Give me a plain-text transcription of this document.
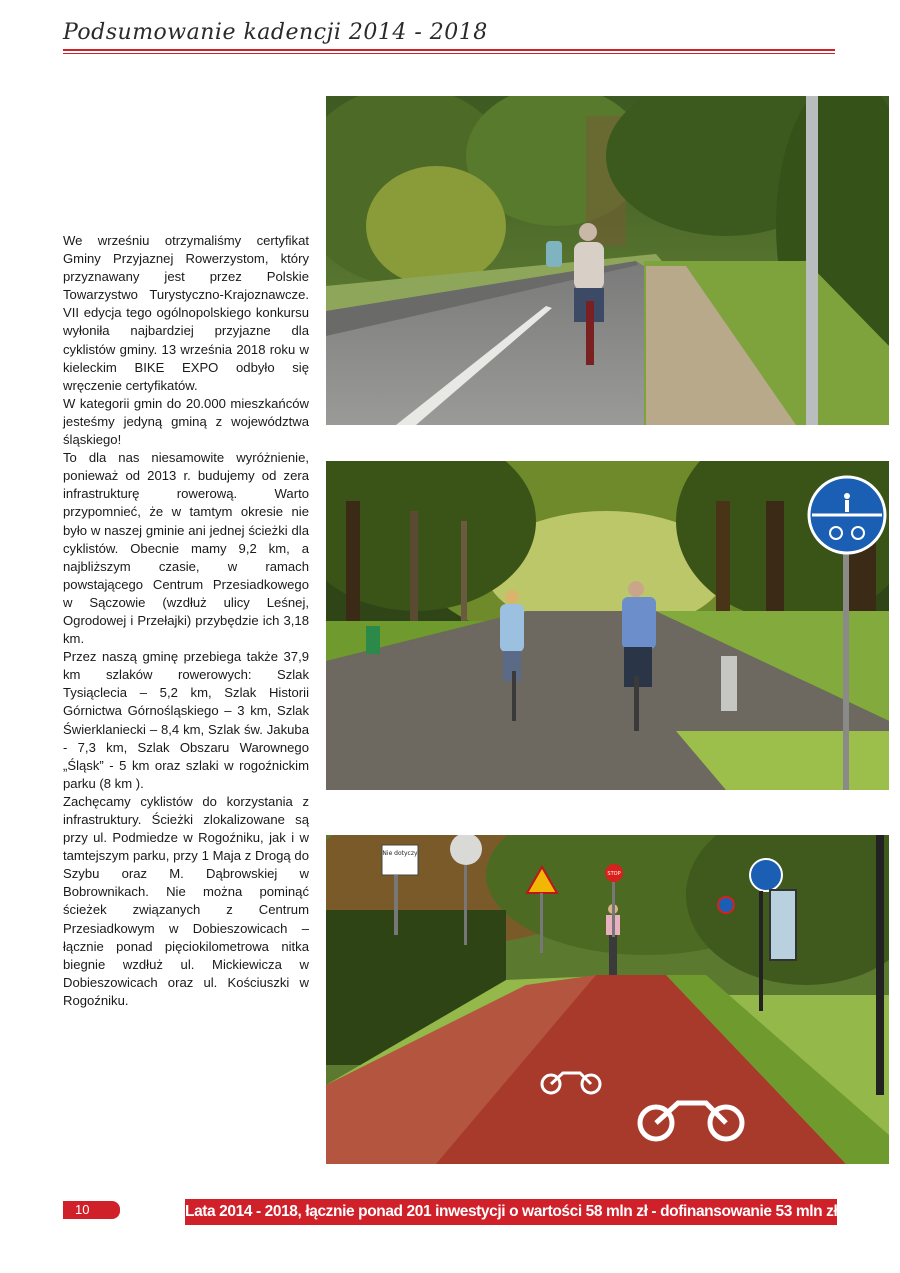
Podsumowanie kadencji 2014 - 2018

We wrześniu otrzymaliśmy certyfikat Gminy Przyjaznej Rowerzystom, który przyznawany jest przez Polskie Towarzystwo Turystyczno-Krajoznawcze. VII edycja tego ogólnopolskiego konkursu wyłoniła najbardziej przyjazne dla cyklistów gminy. 13 września 2018 roku w kieleckim BIKE EXPO odbyło się wręczenie certyfikatów.

W kategorii gmin do 20.000 mieszkańców jesteśmy jedyną gminą z województwa śląskiego!

To dla nas niesamowite wyróżnienie, ponieważ od 2013 r. budujemy od zera infrastrukturę rowerową. Warto przypomnieć, że w tamtym okresie nie było w naszej gminie ani jednej ścieżki dla cyklistów. Obecnie mamy 9,2 km, a najbliższym czasie, w ramach powstającego Centrum Przesiadkowego w Sączowie (wzdłuż ulicy Leśnej, Ogrodowej i Przełajki) przybędzie ich 3,18 km.

Przez naszą gminę przebiega także 37,9 km szlaków rowerowych: Szlak Tysiąclecia – 5,2 km, Szlak Historii Górnictwa Górnośląskiego – 3 km, Szlak Świerklaniecki – 8,4 km, Szlak św. Jakuba - 7,3 km, Szlak Obszaru Warownego „Śląsk” - 5 km oraz szlaki w rogoźnickim parku (8 km ).

Zachęcamy cyklistów do korzystania z infrastruktury. Ścieżki zlokalizowane są przy ul. Podmiedze w Rogoźniku, jak i w tamtejszym parku, przy 1 Maja z Drogą do Szybu oraz M. Dąbrowskiej w Bobrownikach. Nie można pominąć ścieżek związanych z Centrum Przesiadkowym w Dobieszowicach – łącznie ponad pięciokilometrowa nitka biegnie wzdłuż ul. Mickiewicza w Dobieszowicach oraz ul. Kościuszki w Rogoźniku.

Nie dotyczy
STOP
10	Lata 2014 - 2018, łącznie ponad 201 inwestycji o wartości 58 mln zł - dofinansowanie 53 mln zł.
